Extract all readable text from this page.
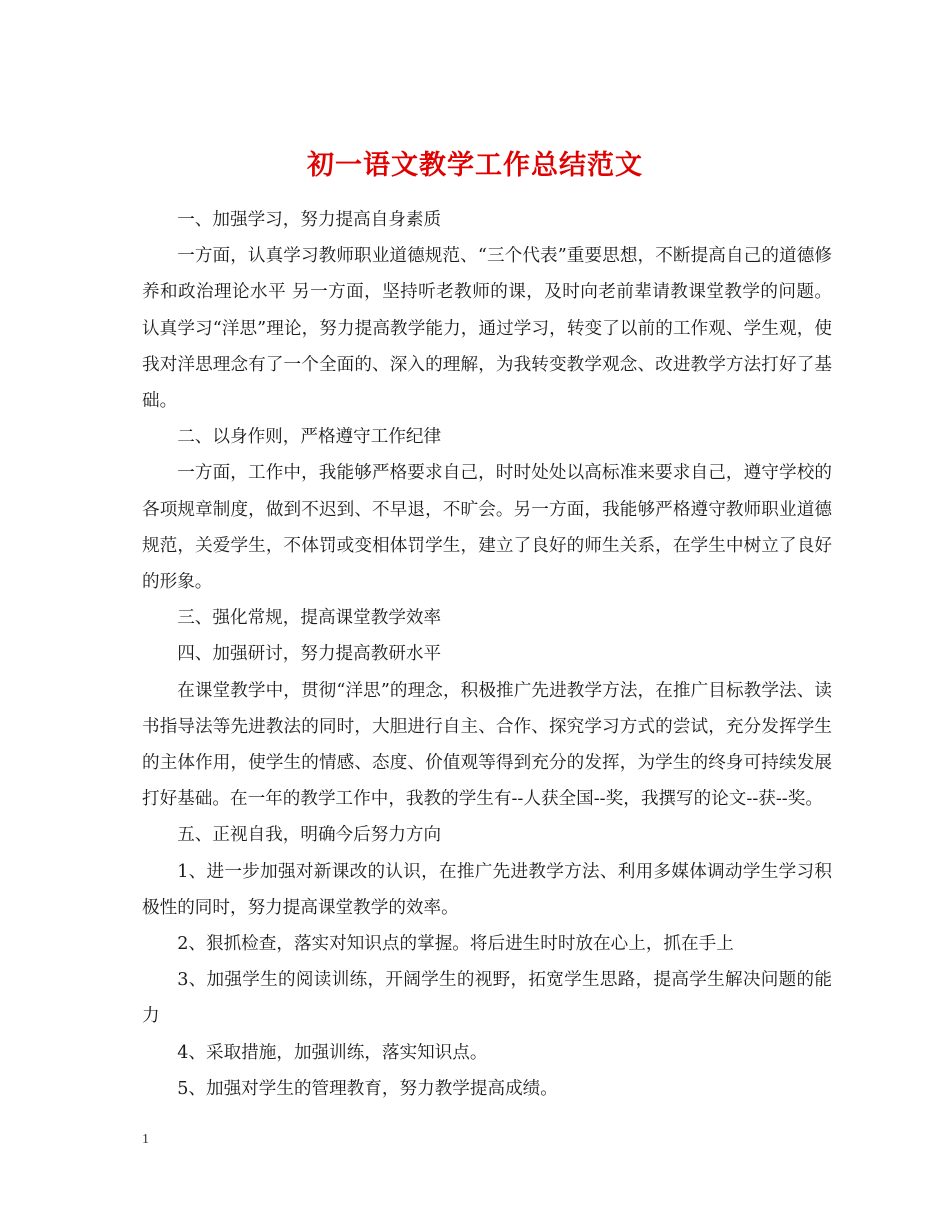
初一语文教学工作总结范文

一、加强学习，努力提高自身素质

一方面，认真学习教师职业道德规范、“三个代表”重要思想，不断提高自己的道德修养和政治理论水平 另一方面，坚持听老教师的课，及时向老前辈请教课堂教学的问题。认真学习“洋思”理论，努力提高教学能力，通过学习，转变了以前的工作观、学生观，使我对洋思理念有了一个全面的、深入的理解，为我转变教学观念、改进教学方法打好了基础。

二、以身作则，严格遵守工作纪律

一方面，工作中，我能够严格要求自己，时时处处以高标准来要求自己，遵守学校的各项规章制度，做到不迟到、不早退，不旷会。另一方面，我能够严格遵守教师职业道德规范，关爱学生，不体罚或变相体罚学生，建立了良好的师生关系，在学生中树立了良好的形象。

三、强化常规，提高课堂教学效率

四、加强研讨，努力提高教研水平

在课堂教学中，贯彻“洋思”的理念，积极推广先进教学方法，在推广目标教学法、读书指导法等先进教法的同时，大胆进行自主、合作、探究学习方式的尝试，充分发挥学生的主体作用，使学生的情感、态度、价值观等得到充分的发挥，为学生的终身可持续发展打好基础。在一年的教学工作中，我教的学生有--人获全国--奖，我撰写的论文--获--奖。

五、正视自我，明确今后努力方向

1、进一步加强对新课改的认识，在推广先进教学方法、利用多媒体调动学生学习积极性的同时，努力提高课堂教学的效率。

2、狠抓检查，落实对知识点的掌握。将后进生时时放在心上，抓在手上

3、加强学生的阅读训练，开阔学生的视野，拓宽学生思路，提高学生解决问题的能力

4、采取措施，加强训练，落实知识点。

5、加强对学生的管理教育，努力教学提高成绩。

1
